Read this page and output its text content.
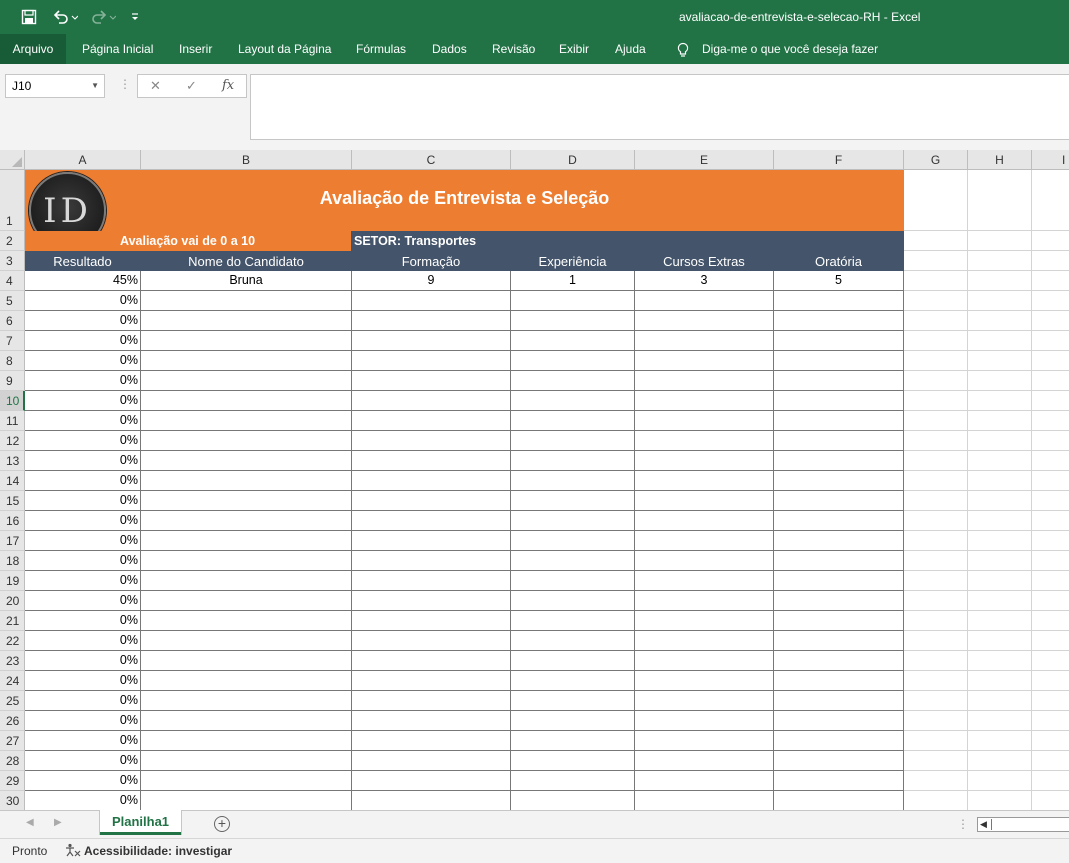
avaliacao-de-entrevista-e-selecao-RH - Excel
Arquivo	Página Inicial Inserir Layout da Página Fórmulas Dados Revisão Exibir Ajuda	Diga-me o que você deseja fazer
J10	▼ ⋮ ✕ ✓ fx
A	B	C	D	E	F	G	H	I
1
2
3
Avaliação de Entrevista e Seleção
ID
Avaliação vai de 0 a 10	SETOR: Transportes
Resultado	Nome do Candidato	Formação	Experiência	Cursos Extras	Oratória
4	45%	Bruna	9	1	3	5
5	0%
6	0%
7	0%
8	0%
9	0%
10	0%
11	0%
12	0%
13	0%
14	0%
15	0%
16	0%
17	0%
18	0%
19	0%
20	0%
21	0%
22	0%
23	0%
24	0%
25	0%
26	0%
27	0%
28	0%
29	0%
30	0%
◀ ▶	Planilha1	+	⋮ ◀
Pronto	Acessibilidade: investigar
